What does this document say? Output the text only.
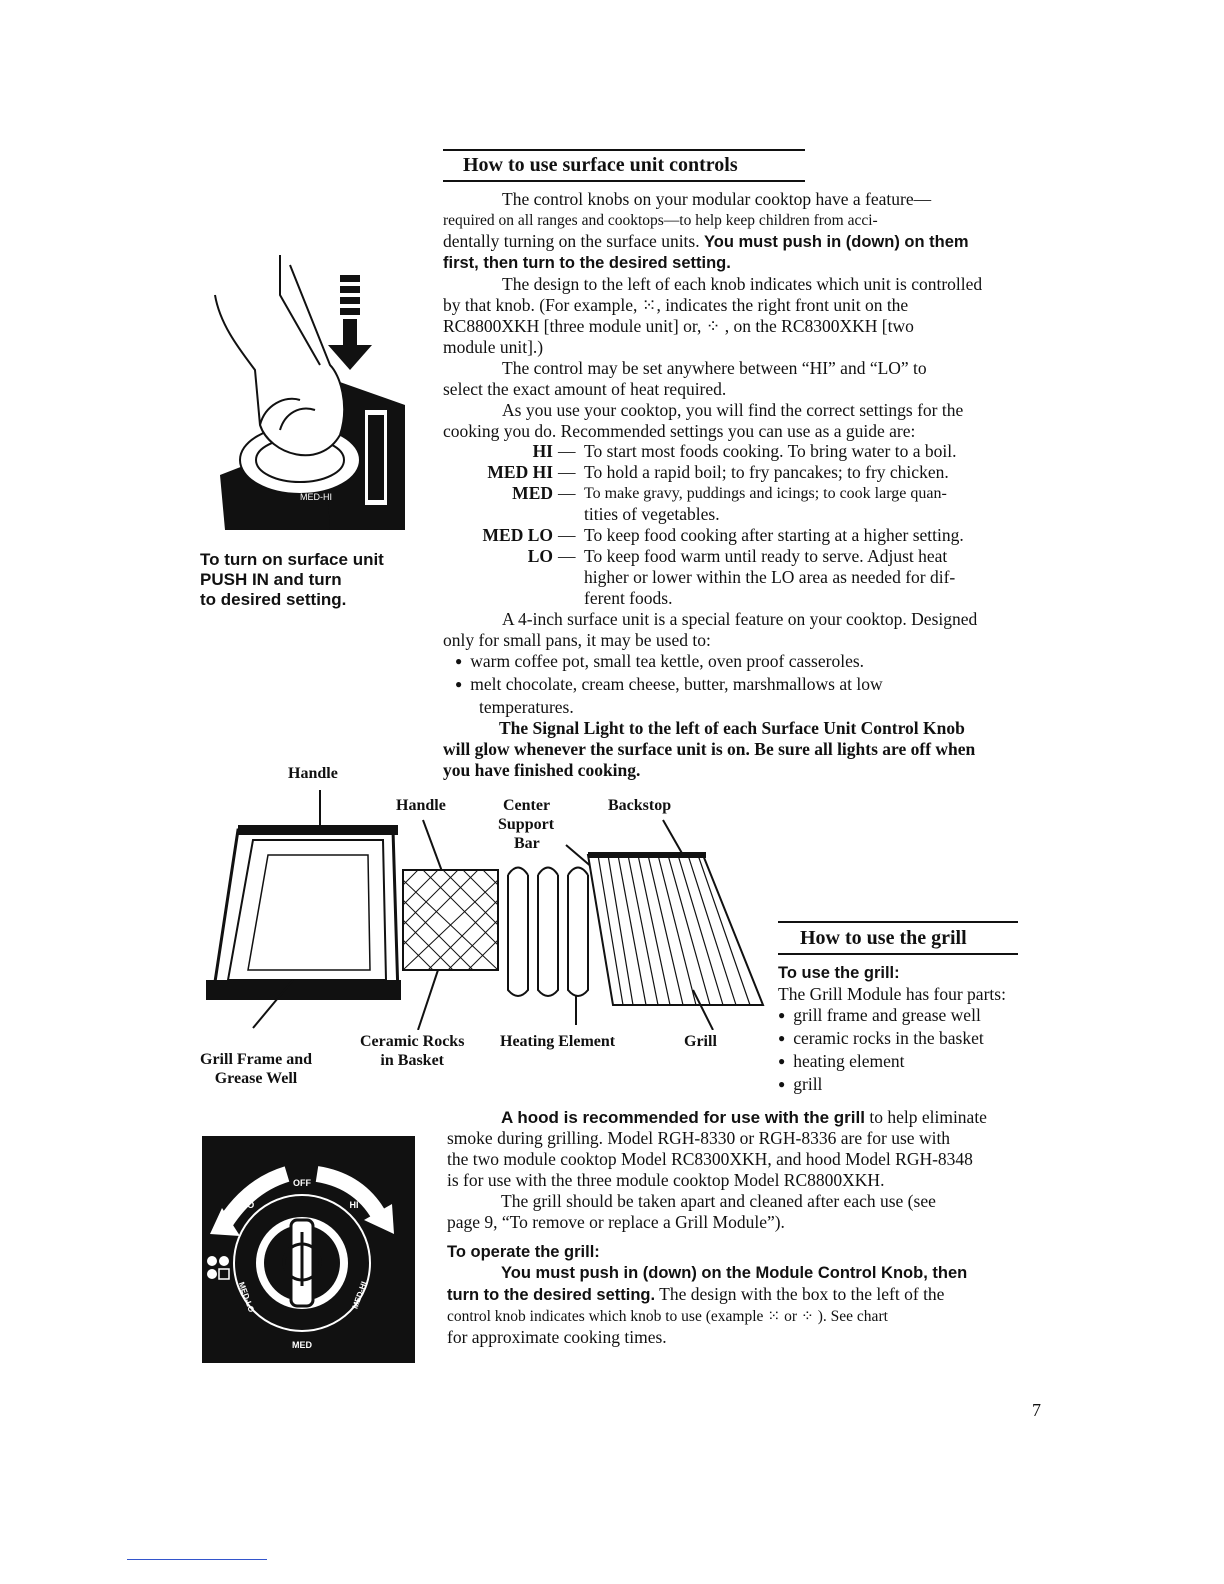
How to use surface unit controls

The control knobs on your modular cooktop have a feature—

required on all ranges and cooktops—to help keep children from acci-

dentally turning on the surface units. You must push in (down) on them

first, then turn to the desired setting.

The design to the left of each knob indicates which unit is controlled

by that knob. (For example, ⁙, indicates the right front unit on the

RC8800XKH [three module unit] or, ⁘ , on the RC8300XKH [two

module unit].)

The control may be set anywhere between “HI” and “LO” to

select the exact amount of heat required.

As you use your cooktop, you will find the correct settings for the

cooking you do. Recommended settings you can use as a guide are:

HI — To start most foods cooking. To bring water to a boil.
MED HI — To hold a rapid boil; to fry pancakes; to fry chicken.
MED — To make gravy, puddings and icings; to cook large quan-
tities of vegetables.
MED LO — To keep food cooking after starting at a higher setting.
LO — To keep food warm until ready to serve. Adjust heat
higher or lower within the LO area as needed for dif-
ferent foods.

A 4-inch surface unit is a special feature on your cooktop. Designed

only for small pans, it may be used to:

● warm coffee pot, small tea kettle, oven proof casseroles.

● melt chocolate, cream cheese, butter, marshmallows at low

temperatures.

The Signal Light to the left of each Surface Unit Control Knob

will glow whenever the surface unit is on. Be sure all lights are off when

you have finished cooking.

MED-HI
To turn on surface unit
PUSH IN and turn
to desired setting.
Handle
Handle	Center
Support
Bar
Backstop
Grill Frame and
Grease Well
Ceramic Rocks
in Basket
Heating Element	Grill
How to use the grill

To use the grill:

The Grill Module has four parts:

● grill frame and grease well

● ceramic rocks in the basket

● heating element

● grill

A hood is recommended for use with the grill to help eliminate

smoke during grilling. Model RGH-8330 or RGH-8336 are for use with

the two module cooktop Model RC8300XKH, and hood Model RGH-8348

is for use with the three module cooktop Model RC8800XKH.

The grill should be taken apart and cleaned after each use (see

page 9, “To remove or replace a Grill Module”).

To operate the grill:

You must push in (down) on the Module Control Knob, then

turn to the desired setting. The design with the box to the left of the

control knob indicates which knob to use (example ⁙ or ⁘ ). See chart

for approximate cooking times.

OFF
HI
LO
MED
MED-HI
MED-LO
7
